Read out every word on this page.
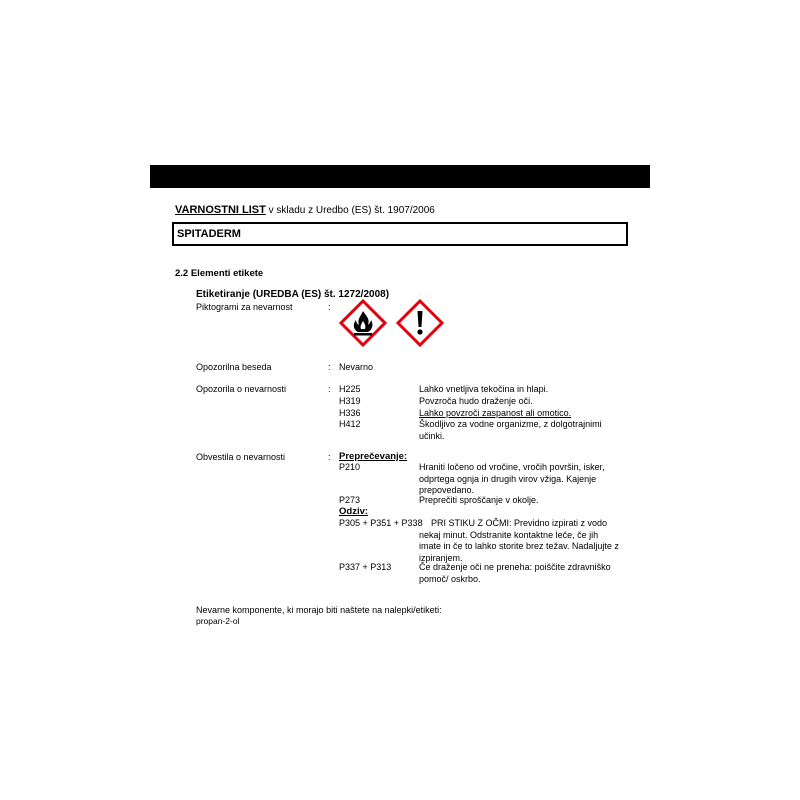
VARNOSTNI LIST v skladu z Uredbo (ES) št. 1907/2006
SPITADERM
2.2 Elementi etikete
Etiketiranje (UREDBA (ES) št. 1272/2008)
Piktogrami za nevarnost	:
Opozorilna beseda	: Nevarno
Opozorila o nevarnosti	: H225	Lahko vnetljiva tekočina in hlapi.
H319	Povzroča hudo draženje oči.
H336	Lahko povzroči zaspanost ali omotico.
H412	Škodljivo za vodne organizme, z dolgotrajnimi učinki.
Obvestila o nevarnosti	: Preprečevanje:
P210	Hraniti ločeno od vročine, vročih površin, isker, odprtega ognja in drugih virov vžiga. Kajenje prepovedano.
P273	Preprečiti sproščanje v okolje.
Odziv:
P305 + P351 + P338 PRI STIKU Z OČMI: Previdno izpirati z vodo nekaj minut. Odstranite kontaktne leče, če jih imate in če to lahko storite brez težav. Nadaljujte z izpiranjem.
P337 + P313	Če draženje oči ne preneha: poiščite zdravniško pomoč/ oskrbo.
Nevarne komponente, ki morajo biti naštete na nalepki/etiketi:
propan-2-ol
